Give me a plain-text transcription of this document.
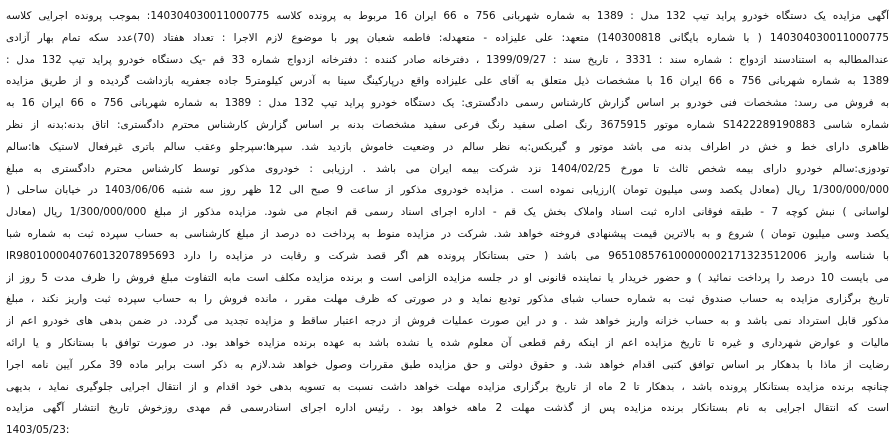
آگهی مزایده یک دستگاه خودرو پراید تیپ 132 مدل : 1389 به شماره شهربانی 756 ه 66 ایران 16 مربوط به پرونده کلاسه 140304030011000775: بموجب پرونده اجرایی کلاسه
140304030011000775 ( با شماره بایگانی 140300818) متعهد: علی علیزاده - متعهدله: فاطمه شعبان پور با موضوع لازم الاجرا : تعداد هفتاد (70)عدد سکه تمام بهار آزادی
عندالمطالبه به استنادسند ازدواج : شماره سند : 3331 ، تاریخ سند : 1399/09/27 ، دفترخانه صادر کننده : دفترخانه ازدواج شماره 33 قم -یک دستگاه خودرو پراید تیپ 132 مدل :
1389 به شماره شهربانی 756 ه 66 ایران 16 با مشخصات ذیل متعلق به آقای علی علیزاده واقع درپارکینگ سینا به آدرس کیلومتر5 جاده جعفریه بازداشت گردیده و از طریق مزایده
به فروش می رسد: مشخصات فنی خودرو بر اساس گزارش کارشناس رسمی دادگستری: یک دستگاه خودرو پراید تیپ 132 مدل : 1389 به شماره شهربانی 756 ه 66 ایران 16 به
شماره شاسی S1422289190883 شماره موتور 3675915 رنگ اصلی سفید رنگ فرعی سفید مشخصات بدنه بر اساس گزارش کارشناس محترم دادگستری: اتاق بدنه:بدنه از نظر
ظاهری دارای خط و خش در اطراف بدنه می باشد موتور و گیربکس:به نظر سالم در وضعیت خاموش بازدید شد. سپرها:سپرجلو وعقب سالم باتری غیرفعال لاستیک ها:سالم
تودوزی:سالم خودرو دارای بیمه شخص ثالث تا مورخ 1404/02/25 نزد شرکت بیمه ایران می باشد . ارزیابی : خودروی مذکور توسط کارشناس محترم دادگستری به مبلغ
1/300/000/000 ریال (معادل یکصد وسی میلیون تومان )ارزیابی نموده است . مزایده خودروی مذکور از ساعت 9 صبح الی 12 ظهر روز سه شنبه 1403/06/06 در خیابان ساحلی (
لواسانی ) نبش کوچه 7 - طبقه فوقانی اداره ثبت اسناد واملاک بخش یک قم - اداره اجرای اسناد رسمی قم انجام می شود. مزایده مذکور از مبلغ 1/300/000/000 ریال (معادل
یکصد وسی میلیون تومان ) شروع و به بالاترین قیمت پیشنهادی فروخته خواهد شد. شرکت در مزایده منوط به پرداخت ده درصد از مبلغ کارشناسی به حساب سپرده ثبت به شماره شبا
IR980100004076013207895693 با شناسه واریز 965108576100000002171323512006 می باشد ( حتی بستانکار پرونده هم اگر قصد شرکت و رقابت در مزایده را دارد
می بایست 10 درصد را پرداخت نمائید ) و حضور خریدار یا نماینده قانونی او در جلسه مزایده الزامی است و برنده مزایده مکلف است مابه التفاوت مبلغ فروش را ظرف مدت 5 روز از
تاریخ برگزاری مزایده به حساب صندوق ثبت به شماره حساب شبای مذکور تودیع نماید و در صورتی که ظرف مهلت مقرر ، مانده فروش را به حساب سپرده ثبت واریز نکند ، مبلغ
مذکور قابل استرداد نمی باشد و به حساب خزانه واریز خواهد شد . و در این صورت عملیات فروش از درجه اعتبار ساقط و مزایده تجدید می گردد. در ضمن بدهی های خودرو اعم از
مالیات و عوارض شهرداری و غیره تا تاریخ مزایده اعم از اینکه رقم قطعی آن معلوم شده یا نشده باشد به عهده برنده مزایده خواهد بود. در صورت توافق با بستانکار و یا ارائه
رضایت از ماذا با بدهکار بر اساس توافق کتبی اقدام خواهد شد. و حقوق دولتی و حق مزایده طبق مقررات وصول خواهد شد.لازم به ذکر است برابر ماده 39 مکرر آیین نامه اجرا
چنانچه برنده مزایده بستانکار پرونده باشد ، بدهکار تا 2 ماه از تاریخ برگزاری مزایده مهلت خواهد داشت نسبت به تسویه بدهی خود اقدام و از انتقال اجرایی جلوگیری نماید ، بدیهی
است که انتقال اجرایی به نام بستانکار برنده مزایده پس از گذشت مهلت 2 ماهه خواهد بود . رئیس اداره اجرای اسنادرسمی قم مهدی روزخوش تاریخ انتشار آگهی مزایده
1403/05/23:
